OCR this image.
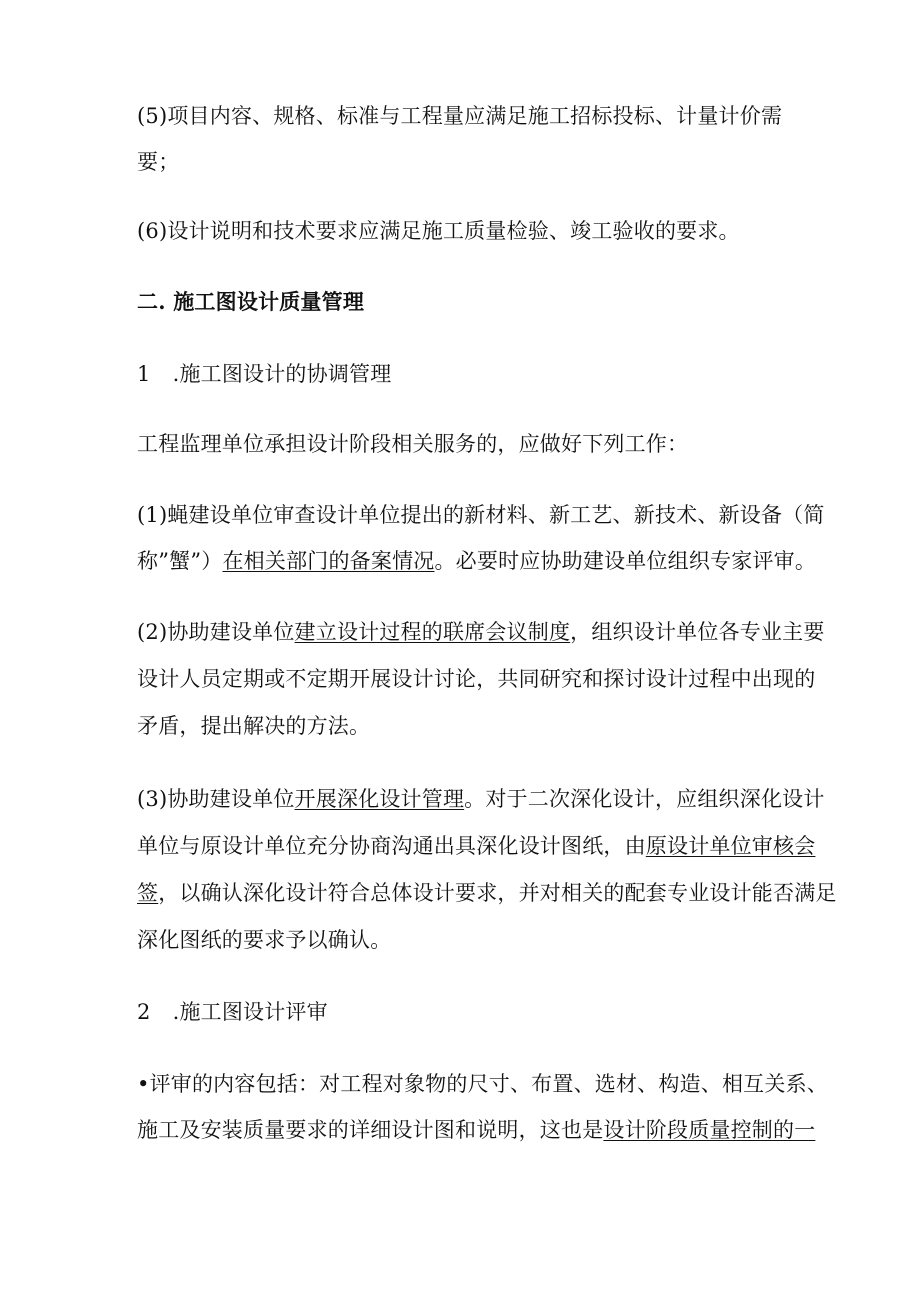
(5)项目内容、规格、标准与工程量应满足施工招标投标、计量计价需
要；
(6)设计说明和技术要求应满足施工质量检验、竣工验收的要求。
二. 施工图设计质量管理
1 .施工图设计的协调管理
工程监理单位承担设计阶段相关服务的，应做好下列工作：
(1)蝇建设单位审查设计单位提出的新材料、新工艺、新技术、新设备（简
称”蟹”）在相关部门的备案情况。必要时应协助建设单位组织专家评审。
(2)协助建设单位建立设计过程的联席会议制度，组织设计单位各专业主要
设计人员定期或不定期开展设计讨论，共同研究和探讨设计过程中出现的
矛盾，提出解决的方法。
(3)协助建设单位开展深化设计管理。对于二次深化设计，应组织深化设计
单位与原设计单位充分协商沟通出具深化设计图纸，由原设计单位审核会
签，以确认深化设计符合总体设计要求，并对相关的配套专业设计能否满足
深化图纸的要求予以确认。
2 .施工图设计评审
•评审的内容包括：对工程对象物的尺寸、布置、选材、构造、相互关系、
施工及安装质量要求的详细设计图和说明，这也是设计阶段质量控制的一
